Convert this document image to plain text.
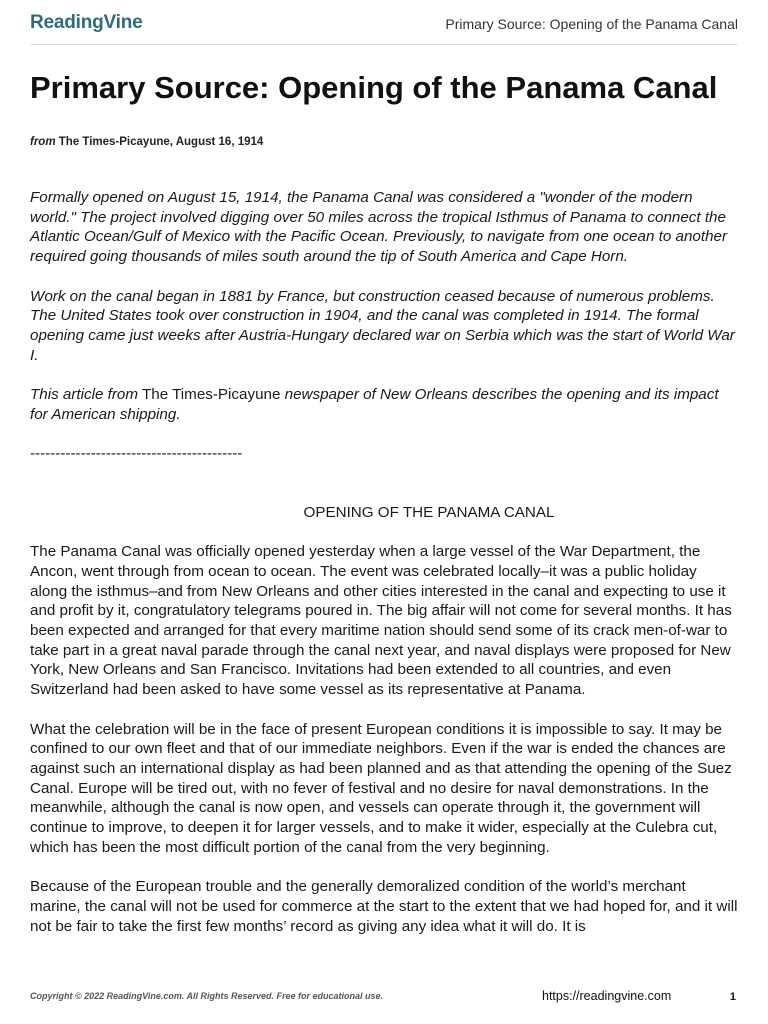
ReadingVine	Primary Source: Opening of the Panama Canal
Primary Source: Opening of the Panama Canal
from The Times-Picayune, August 16, 1914

Formally opened on August 15, 1914, the Panama Canal was considered a "wonder of the modern world." The project involved digging over 50 miles across the tropical Isthmus of Panama to connect the Atlantic Ocean/Gulf of Mexico with the Pacific Ocean. Previously, to navigate from one ocean to another required going thousands of miles south around the tip of South America and Cape Horn.

Work on the canal began in 1881 by France, but construction ceased because of numerous problems. The United States took over construction in 1904, and the canal was completed in 1914. The formal opening came just weeks after Austria-Hungary declared war on Serbia which was the start of World War I.

This article from The Times-Picayune newspaper of New Orleans describes the opening and its impact for American shipping.

------------------------------------------

OPENING OF THE PANAMA CANAL

The Panama Canal was officially opened yesterday when a large vessel of the War Department, the Ancon, went through from ocean to ocean. The event was celebrated locally–it was a public holiday along the isthmus–and from New Orleans and other cities interested in the canal and expecting to use it and profit by it, congratulatory telegrams poured in. The big affair will not come for several months. It has been expected and arranged for that every maritime nation should send some of its crack men-of-war to take part in a great naval parade through the canal next year, and naval displays were proposed for New York, New Orleans and San Francisco. Invitations had been extended to all countries, and even Switzerland had been asked to have some vessel as its representative at Panama.

What the celebration will be in the face of present European conditions it is impossible to say. It may be confined to our own fleet and that of our immediate neighbors. Even if the war is ended the chances are against such an international display as had been planned and as that attending the opening of the Suez Canal. Europe will be tired out, with no fever of festival and no desire for naval demonstrations. In the meanwhile, although the canal is now open, and vessels can operate through it, the government will continue to improve, to deepen it for larger vessels, and to make it wider, especially at the Culebra cut, which has been the most difficult portion of the canal from the very beginning.

Because of the European trouble and the generally demoralized condition of the world’s merchant marine, the canal will not be used for commerce at the start to the extent that we had hoped for, and it will not be fair to take the first few months’ record as giving any idea what it will do. It is

Copyright © 2022 ReadingVine.com. All Rights Reserved. Free for educational use.	https://readingvine.com	1
